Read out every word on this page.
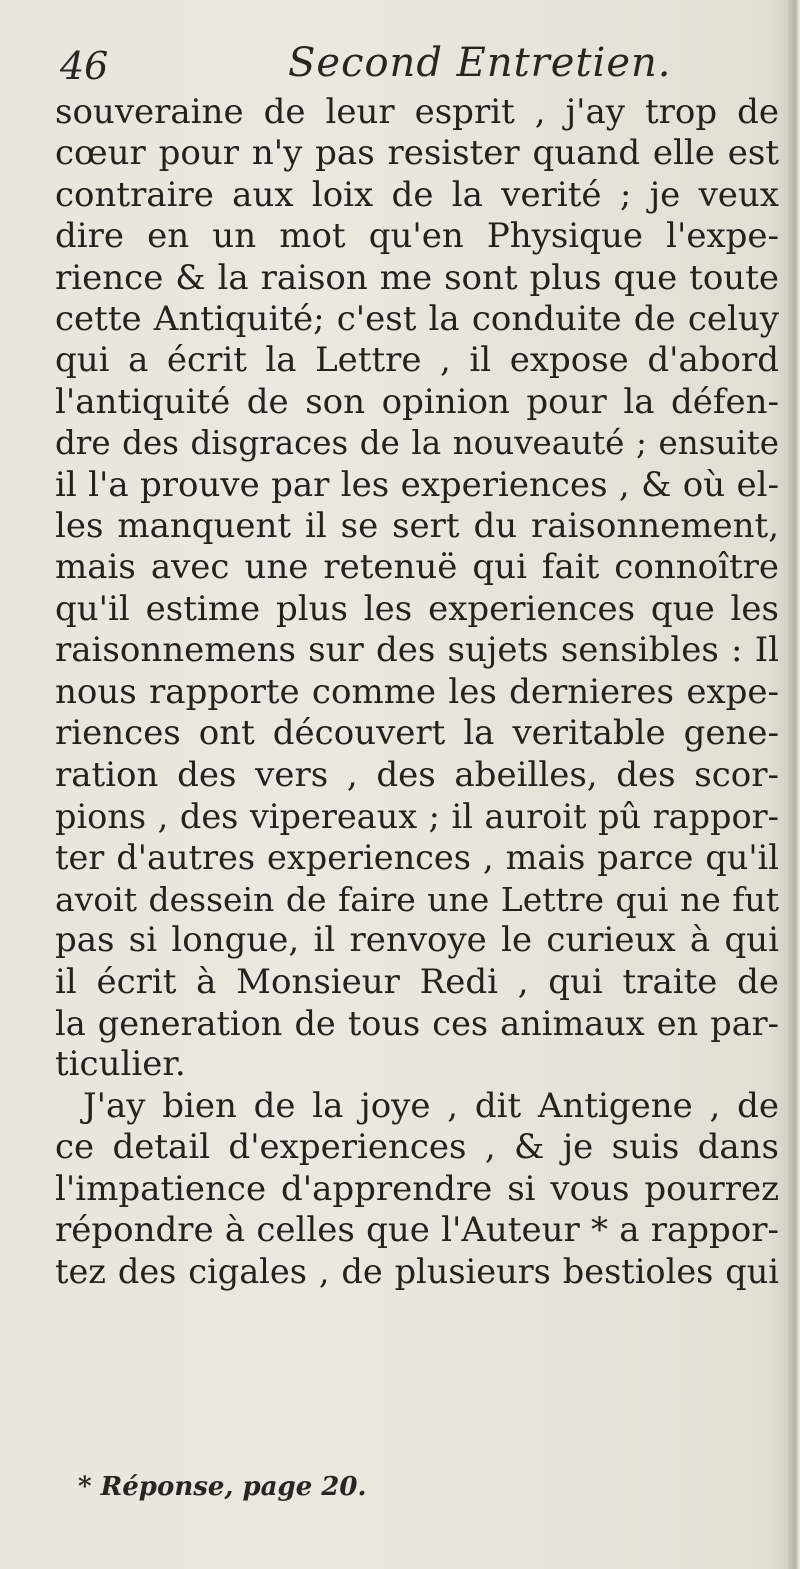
46	Second Entretien.
souveraine de leur esprit , j'ay trop de
cœur pour n'y pas resister quand elle est
contraire aux loix de la verité ; je veux
dire en un mot qu'en Physique l'expe-
rience & la raison me sont plus que toute
cette Antiquité; c'est la conduite de celuy
qui a écrit la Lettre , il expose d'abord
l'antiquité de son opinion pour la défen-
dre des disgraces de la nouveauté ; ensuite
il l'a prouve par les experiences , & où el-
les manquent il se sert du raisonnement,
mais avec une retenuë qui fait connoître
qu'il estime plus les experiences que les
raisonnemens sur des sujets sensibles : Il
nous rapporte comme les dernieres expe-
riences ont découvert la veritable gene-
ration des vers , des abeilles, des scor-
pions , des vipereaux ; il auroit pû rappor-
ter d'autres experiences , mais parce qu'il
avoit dessein de faire une Lettre qui ne fut
pas si longue, il renvoye le curieux à qui
il écrit à Monsieur Redi , qui traite de
la generation de tous ces animaux en par-
ticulier.
J'ay bien de la joye , dit Antigene , de
ce detail d'experiences , & je suis dans
l'impatience d'apprendre si vous pourrez
répondre à celles que l'Auteur * a rappor-
tez des cigales , de plusieurs bestioles qui
* Réponse, page 20.
